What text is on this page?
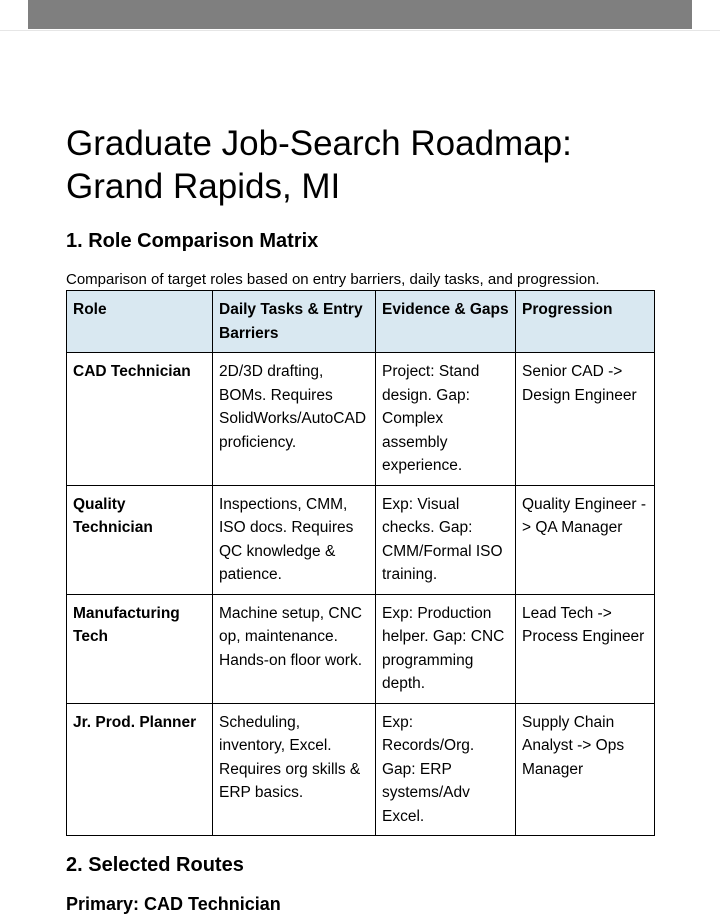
Graduate Job-Search Roadmap: Grand Rapids, MI
1. Role Comparison Matrix
Comparison of target roles based on entry barriers, daily tasks, and progression.
Role	Daily Tasks & Entry Barriers	Evidence & Gaps	Progression
CAD Technician	2D/3D drafting, BOMs. Requires SolidWorks/AutoCAD proficiency.	Project: Stand design. Gap: Complex assembly experience.	Senior CAD -> Design Engineer
Quality Technician	Inspections, CMM, ISO docs. Requires QC knowledge & patience.	Exp: Visual checks. Gap: CMM/Formal ISO training.	Quality Engineer -> QA Manager
Manufacturing Tech	Machine setup, CNC op, maintenance. Hands-on floor work.	Exp: Production helper. Gap: CNC programming depth.	Lead Tech -> Process Engineer
Jr. Prod. Planner	Scheduling, inventory, Excel. Requires org skills & ERP basics.	Exp: Records/Org. Gap: ERP systems/Adv Excel.	Supply Chain Analyst -> Ops Manager
2. Selected Routes
Primary: CAD Technician
